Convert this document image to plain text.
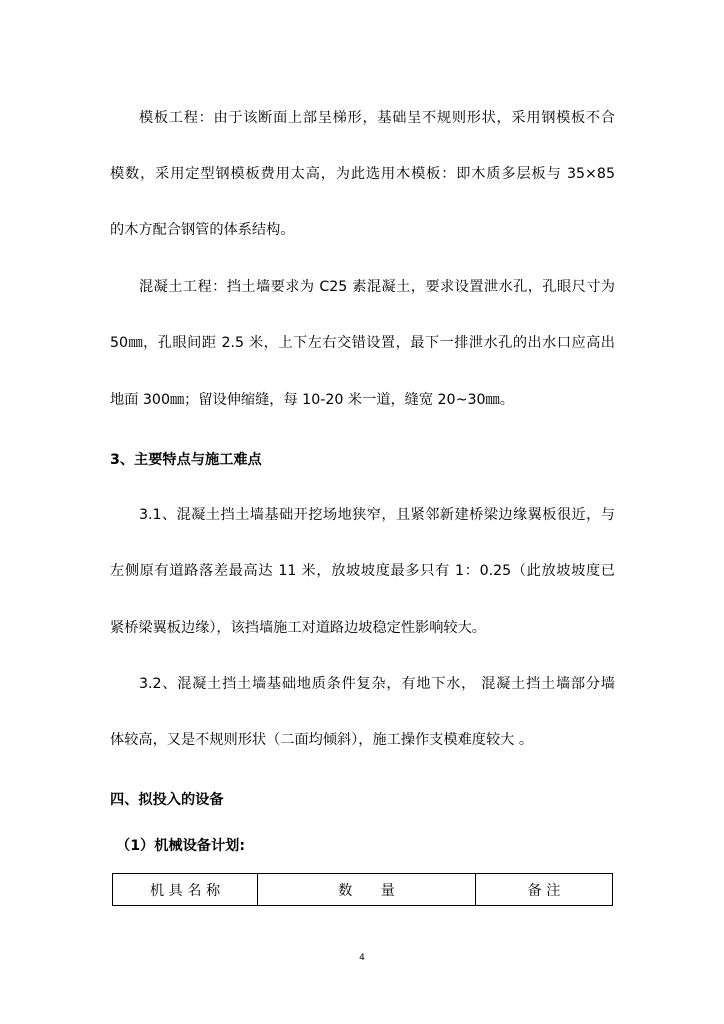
模板工程：由于该断面上部呈梯形，基础呈不规则形状，采用钢模板不合
模数，采用定型钢模板费用太高，为此选用木模板：即木质多层板与 35×85
的木方配合钢管的体系结构。
混凝土工程：挡土墙要求为 C25 素混凝土，要求设置泄水孔，孔眼尺寸为
50㎜，孔眼间距 2.5 米，上下左右交错设置，最下一排泄水孔的出水口应高出
地面 300㎜；留设伸缩缝，每 10-20 米一道，缝宽 20~30㎜。
3、主要特点与施工难点
3.1、混凝土挡土墙基础开挖场地狭窄，且紧邻新建桥梁边缘翼板很近，与
左侧原有道路落差最高达 11 米，放坡坡度最多只有 1：0.25（此放坡坡度已
紧桥梁翼板边缘），该挡墙施工对道路边坡稳定性影响较大。
3.2、混凝土挡土墙基础地质条件复杂，有地下水， 混凝土挡土墙部分墙
体较高，又是不规则形状（二面均倾斜），施工操作支模难度较大 。
四、拟投入的设备
（1）机械设备计划:
机 具 名 称	数　　量	备 注
4
